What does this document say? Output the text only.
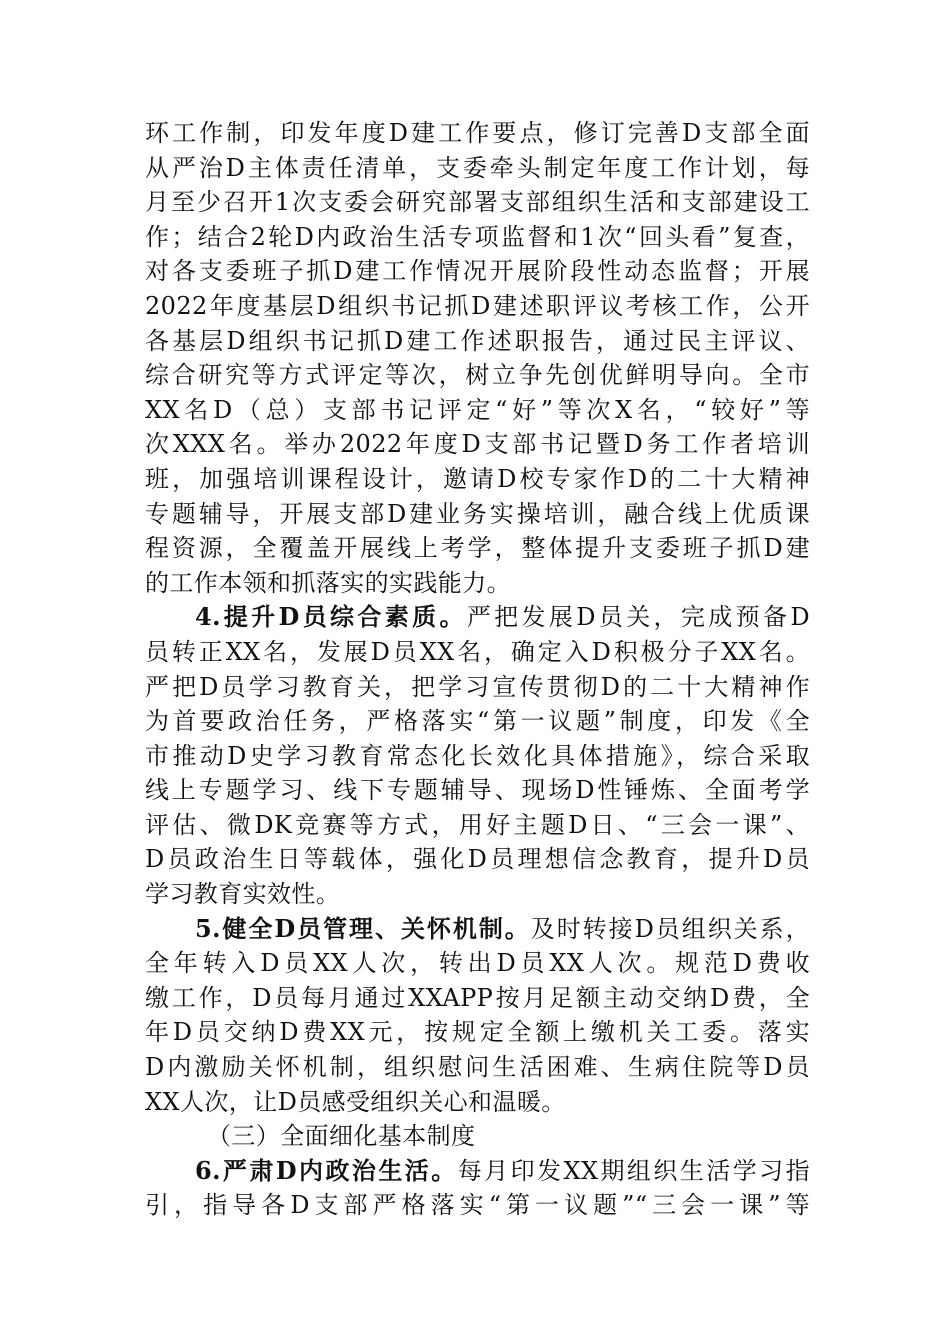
环工作制，印发年度D建工作要点，修订完善D支部全面
从严治D主体责任清单，支委牵头制定年度工作计划，每
月至少召开1次支委会研究部署支部组织生活和支部建设工
作；结合2轮D内政治生活专项监督和1次“回头看”复查，
对各支委班子抓D建工作情况开展阶段性动态监督；开展
2022年度基层D组织书记抓D建述职评议考核工作，公开
各基层D组织书记抓D建工作述职报告，通过民主评议、
综合研究等方式评定等次，树立争先创优鲜明导向。全市
XX名D（总）支部书记评定“好”等次X名，“较好”等
次XXX名。举办2022年度D支部书记暨D务工作者培训
班，加强培训课程设计，邀请D校专家作D的二十大精神
专题辅导，开展支部D建业务实操培训，融合线上优质课
程资源，全覆盖开展线上考学，整体提升支委班子抓D建
的工作本领和抓落实的实践能力。
4.提升D员综合素质。严把发展D员关，完成预备D
员转正XX名，发展D员XX名，确定入D积极分子XX名。
严把D员学习教育关，把学习宣传贯彻D的二十大精神作
为首要政治任务，严格落实“第一议题”制度，印发《全
市推动D史学习教育常态化长效化具体措施》，综合采取
线上专题学习、线下专题辅导、现场D性锤炼、全面考学
评估、微DK竞赛等方式，用好主题D日、“三会一课”、
D员政治生日等载体，强化D员理想信念教育，提升D员
学习教育实效性。
5.健全D员管理、关怀机制。及时转接D员组织关系，
全年转入D员XX人次，转出D员XX人次。规范D费收
缴工作，D员每月通过XXAPP按月足额主动交纳D费，全
年D员交纳D费XX元，按规定全额上缴机关工委。落实
D内激励关怀机制，组织慰问生活困难、生病住院等D员
XX人次，让D员感受组织关心和温暖。
（三）全面细化基本制度
6.严肃D内政治生活。每月印发XX期组织生活学习指
引，指导各D支部严格落实“第一议题”“三会一课”等
